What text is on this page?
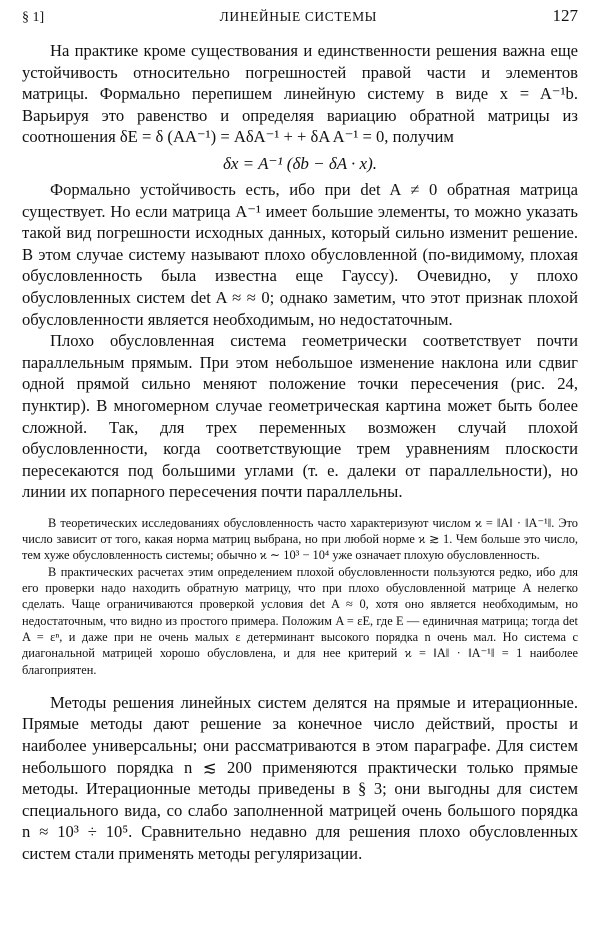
§ 1]	ЛИНЕЙНЫЕ СИСТЕМЫ	127

На практике кроме существования и единственности решения важна еще устойчивость относительно погрешностей правой части и элементов матрицы. Формально перепишем линейную систему в виде x = A⁻¹b. Варьируя это равенство и определяя вариацию обратной матрицы из соотношения δE = δ (AA⁻¹) = AδA⁻¹ + + δA A⁻¹ = 0, получим

δx = A⁻¹ (δb − δA · x).

Формально устойчивость есть, ибо при det A ≠ 0 обратная матрица существует. Но если матрица A⁻¹ имеет большие элементы, то можно указать такой вид погрешности исходных данных, который сильно изменит решение. В этом случае систему называют плохо обусловленной (по-видимому, плохая обусловленность была известна еще Гауссу). Очевидно, у плохо обусловленных систем det A ≈ ≈ 0; однако заметим, что этот признак плохой обусловленности является необходимым, но недостаточным.

Плохо обусловленная система геометрически соответствует почти параллельным прямым. При этом небольшое изменение наклона или сдвиг одной прямой сильно меняют положение точки пересечения (рис. 24, пунктир). В многомерном случае геометрическая картина может быть более сложной. Так, для трех переменных возможен случай плохой обусловленности, когда соответствующие трем уравнениям плоскости пересекаются под большими углами (т. е. далеки от параллельности), но линии их попарного пересечения почти параллельны.

В теоретических исследованиях обусловленность часто характеризуют числом ϰ = ‖A‖ · ‖A⁻¹‖. Это число зависит от того, какая норма матриц выбрана, но при любой норме ϰ ≳ 1. Чем больше это число, тем хуже обусловленность системы; обычно ϰ ∼ 10³ − 10⁴ уже означает плохую обусловленность.

В практических расчетах этим определением плохой обусловленности пользуются редко, ибо для его проверки надо находить обратную матрицу, что при плохо обусловленной матрице A нелегко сделать. Чаще ограничиваются проверкой условия det A ≈ 0, хотя оно является необходимым, но недостаточным, что видно из простого примера. Положим A = εE, где E — единичная матрица; тогда det A = εⁿ, и даже при не очень малых ε детерминант высокого порядка n очень мал. Но система с диагональной матрицей хорошо обусловлена, и для нее критерий ϰ = ‖A‖ · ‖A⁻¹‖ = 1 наиболее благоприятен.

Методы решения линейных систем делятся на прямые и итерационные. Прямые методы дают решение за конечное число действий, просты и наиболее универсальны; они рассматриваются в этом параграфе. Для систем небольшого порядка n ≲ 200 применяются практически только прямые методы. Итерационные методы приведены в § 3; они выгодны для систем специального вида, со слабо заполненной матрицей очень большого порядка n ≈ 10³ ÷ 10⁵. Сравнительно недавно для решения плохо обусловленных систем стали применять методы регуляризации.
